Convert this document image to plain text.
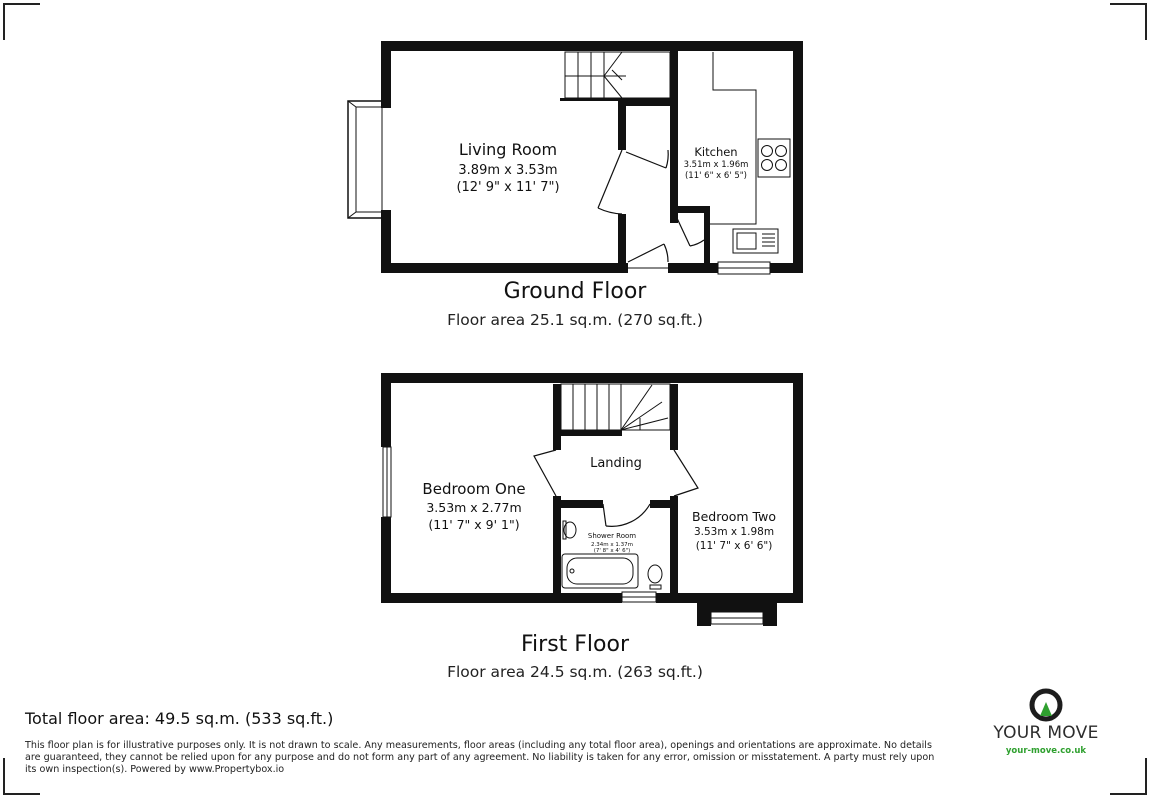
Living Room
3.89m x 3.53m
(12' 9" x 11' 7")
Kitchen
3.51m x 1.96m
(11' 6" x 6' 5")
Bedroom One
3.53m x 2.77m
(11' 7" x 9' 1")
Landing
Shower Room
2.34m x 1.37m
(7' 8" x 4' 6")
Bedroom Two
3.53m x 1.98m
(11' 7" x 6' 6")
Ground Floor
Floor area 25.1 sq.m. (270 sq.ft.)
First Floor
Floor area 24.5 sq.m. (263 sq.ft.)
Total floor area: 49.5 sq.m. (533 sq.ft.)
This floor plan is for illustrative purposes only. It is not drawn to scale. Any measurements, floor areas (including any total floor area), openings and orientations are approximate. No details are guaranteed, they cannot be relied upon for any purpose and do not form any part of any agreement. No liability is taken for any error, omission or misstatement. A party must rely upon its own inspection(s). Powered by www.Propertybox.io
YOUR MOVE
your-move.co.uk
